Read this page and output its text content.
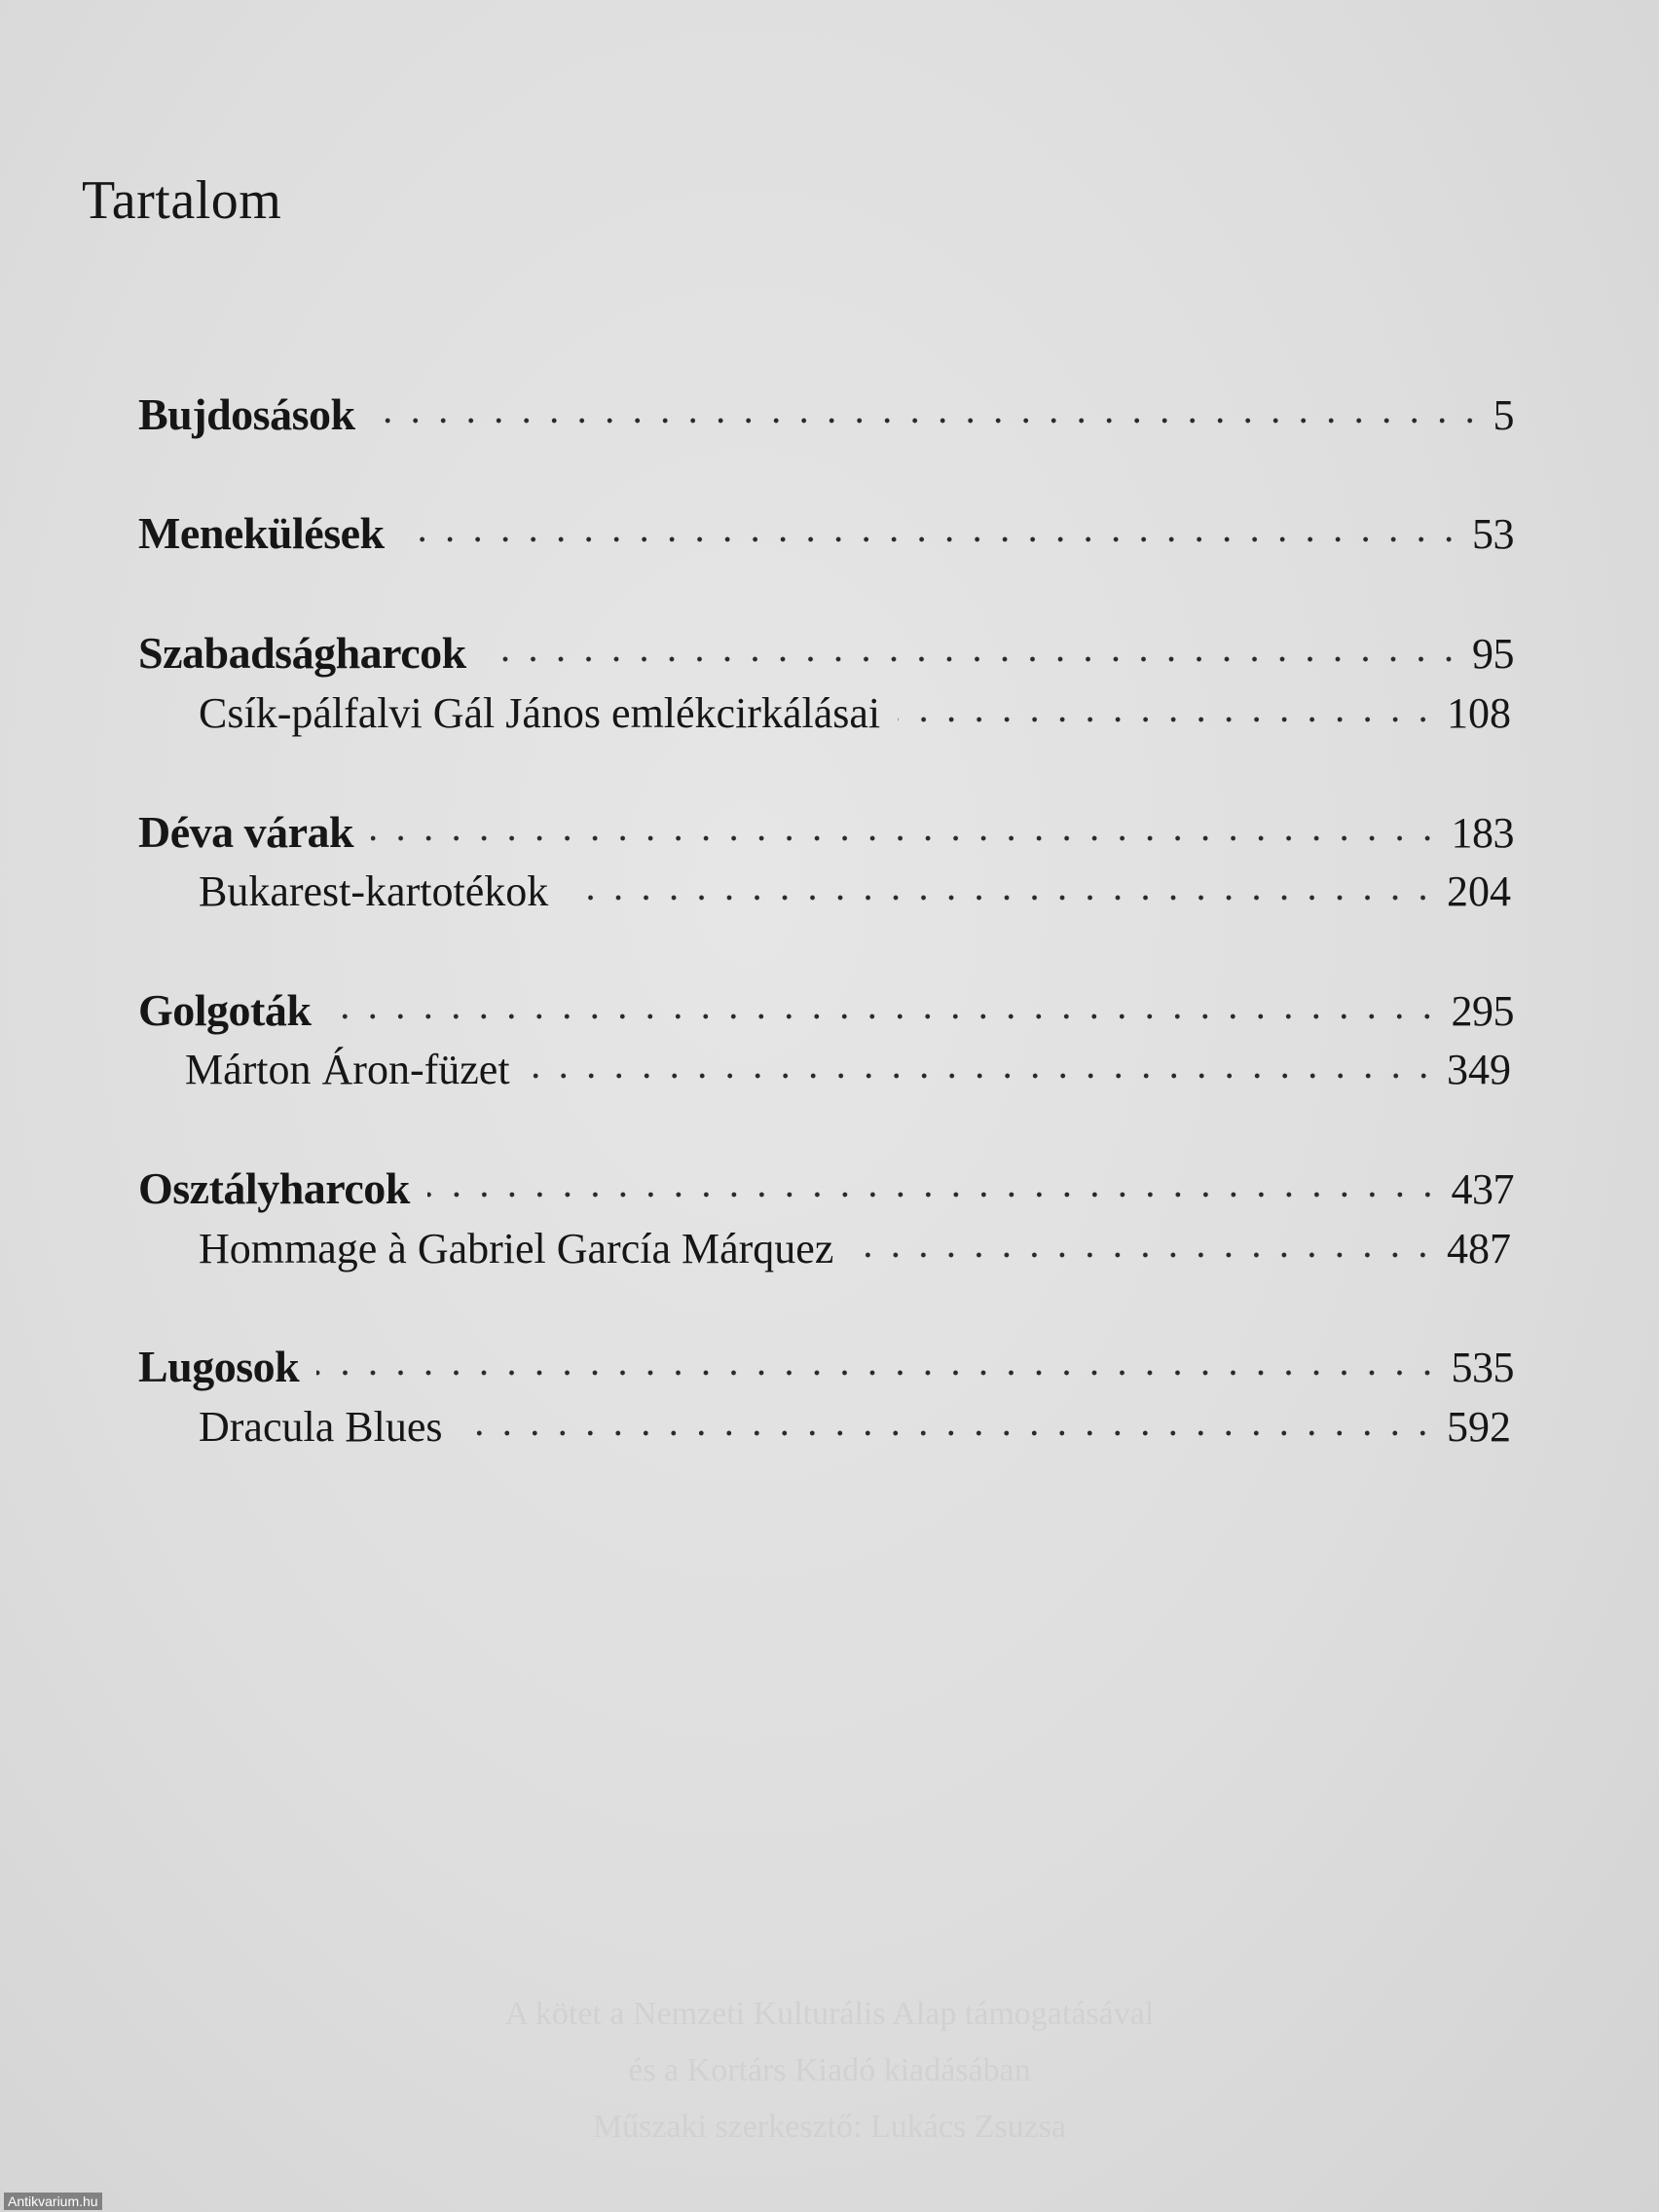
Tartalom
Bujdosások	5
Menekülések	53
Szabadságharcok	95
Csík-pálfalvi Gál János emlékcirkálásai	108
Déva várak	183
Bukarest-kartotékok	204
Golgoták	295
Márton Áron-füzet	349
Osztályharcok	437
Hommage à Gabriel García Márquez	487
Lugosok	535
Dracula Blues	592
A kötet a Nemzeti Kulturális Alap támogatásával
és a Kortárs Kiadó kiadásában
Műszaki szerkesztő: Lukács Zsuzsa
Antikvarium.hu
